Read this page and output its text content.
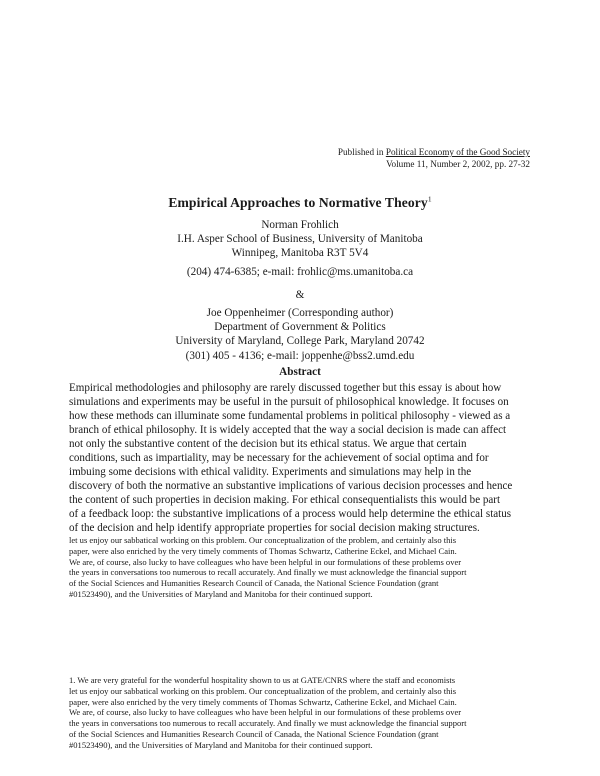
Published in Political Economy of the Good Society
Volume 11, Number 2, 2002, pp. 27-32
Empirical Approaches to Normative Theory$^1$
Norman Frohlich
I.H. Asper School of Business, University of Manitoba
Winnipeg, Manitoba R3T 5V4
(204) 474-6385; e-mail: frohlic@ms.umanitoba.ca
&
Joe Oppenheimer (Corresponding author)
Department of Government & Politics
University of Maryland, College Park, Maryland 20742
(301) 405 - 4136; e-mail: joppenhe@bss2.umd.edu
Abstract
Empirical methodologies and philosophy are rarely discussed together but this essay is about how
simulations and experiments may be useful in the pursuit of philosophical knowledge. It focuses on
how these methods can illuminate some fundamental problems in political philosophy - viewed as a
branch of ethical philosophy. It is widely accepted that the way a social decision is made can affect
not only the substantive content of the decision but its ethical status. We argue that certain
conditions, such as impartiality, may be necessary for the achievement of social optima and for
imbuing some decisions with ethical validity. Experiments and simulations may help in the
discovery of both the normative an substantive implications of various decision processes and hence
the content of such properties in decision making. For ethical consequentialists this would be part
of a feedback loop: the substantive implications of a process would help determine the ethical status
of the decision and help identify appropriate properties for social decision making structures.
let us enjoy our sabbatical working on this problem. Our conceptualization of the problem, and certainly also this
paper, were also enriched by the very timely comments of Thomas Schwartz, Catherine Eckel, and Michael Cain.
We are, of course, also lucky to have colleagues who have been helpful in our formulations of these problems over
the years in conversations too numerous to recall accurately. And finally we must acknowledge the financial support
of the Social Sciences and Humanities Research Council of Canada, the National Science Foundation (grant
#01523490), and the Universities of Maryland and Manitoba for their continued support.
1. We are very grateful for the wonderful hospitality shown to us at GATE/CNRS where the staff and economists
let us enjoy our sabbatical working on this problem. Our conceptualization of the problem, and certainly also this
paper, were also enriched by the very timely comments of Thomas Schwartz, Catherine Eckel, and Michael Cain.
We are, of course, also lucky to have colleagues who have been helpful in our formulations of these problems over
the years in conversations too numerous to recall accurately. And finally we must acknowledge the financial support
of the Social Sciences and Humanities Research Council of Canada, the National Science Foundation (grant
#01523490), and the Universities of Maryland and Manitoba for their continued support.
